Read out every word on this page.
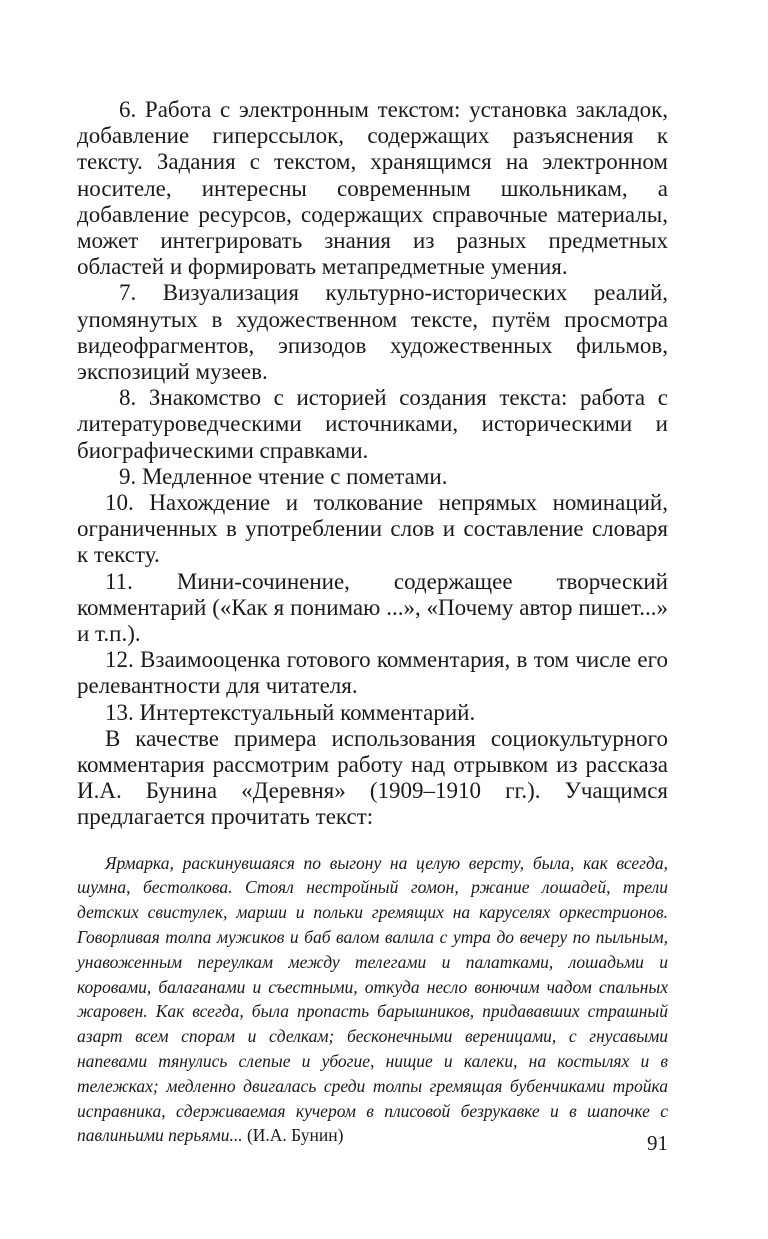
6. Работа с электронным текстом: установка закладок, добавление гиперссылок, содержащих разъяснения к тексту. Задания с текстом, хранящимся на электронном носителе, интересны современным школьникам, а добавление ресурсов, содержащих справочные материалы, может интегрировать знания из разных предметных областей и формировать метапредметные умения.

7. Визуализация культурно-исторических реалий, упомянутых в художественном тексте, путём просмотра видеофрагментов, эпизодов художественных фильмов, экспозиций музеев.

8. Знакомство с историей создания текста: работа с литературоведческими источниками, историческими и биографическими справками.

9. Медленное чтение с пометами.

10. Нахождение и толкование непрямых номинаций, ограниченных в употреблении слов и составление словаря к тексту.

11. Мини-сочинение, содержащее творческий комментарий («Как я понимаю ...», «Почему автор пишет...» и т.п.).

12. Взаимооценка готового комментария, в том числе его релевантности для читателя.

13. Интертекстуальный комментарий.

В качестве примера использования социокультурного комментария рассмотрим работу над отрывком из рассказа И.А. Бунина «Деревня» (1909–1910 гг.). Учащимся предлагается прочитать текст:

Ярмарка, раскинувшаяся по выгону на целую версту, была, как всегда, шумна, бестолкова. Стоял нестройный гомон, ржание лошадей, трели детских свистулек, марши и польки гремящих на каруселях оркестрионов. Говорливая толпа мужиков и баб валом валила с утра до вечеру по пыльным, унавоженным переулкам между телегами и палатками, лошадьми и коровами, балаганами и съестными, откуда несло вонючим чадом спальных жаровен. Как всегда, была пропасть барышников, придававших страшный азарт всем спорам и сделкам; бесконечными вереницами, с гнусавыми напевами тянулись слепые и убогие, нищие и калеки, на костылях и в тележках; медленно двигалась среди толпы гремящая бубенчиками тройка исправника, сдерживаемая кучером в плисовой безрукавке и в шапочке с павлиньими перьями... (И.А. Бунин)	91
